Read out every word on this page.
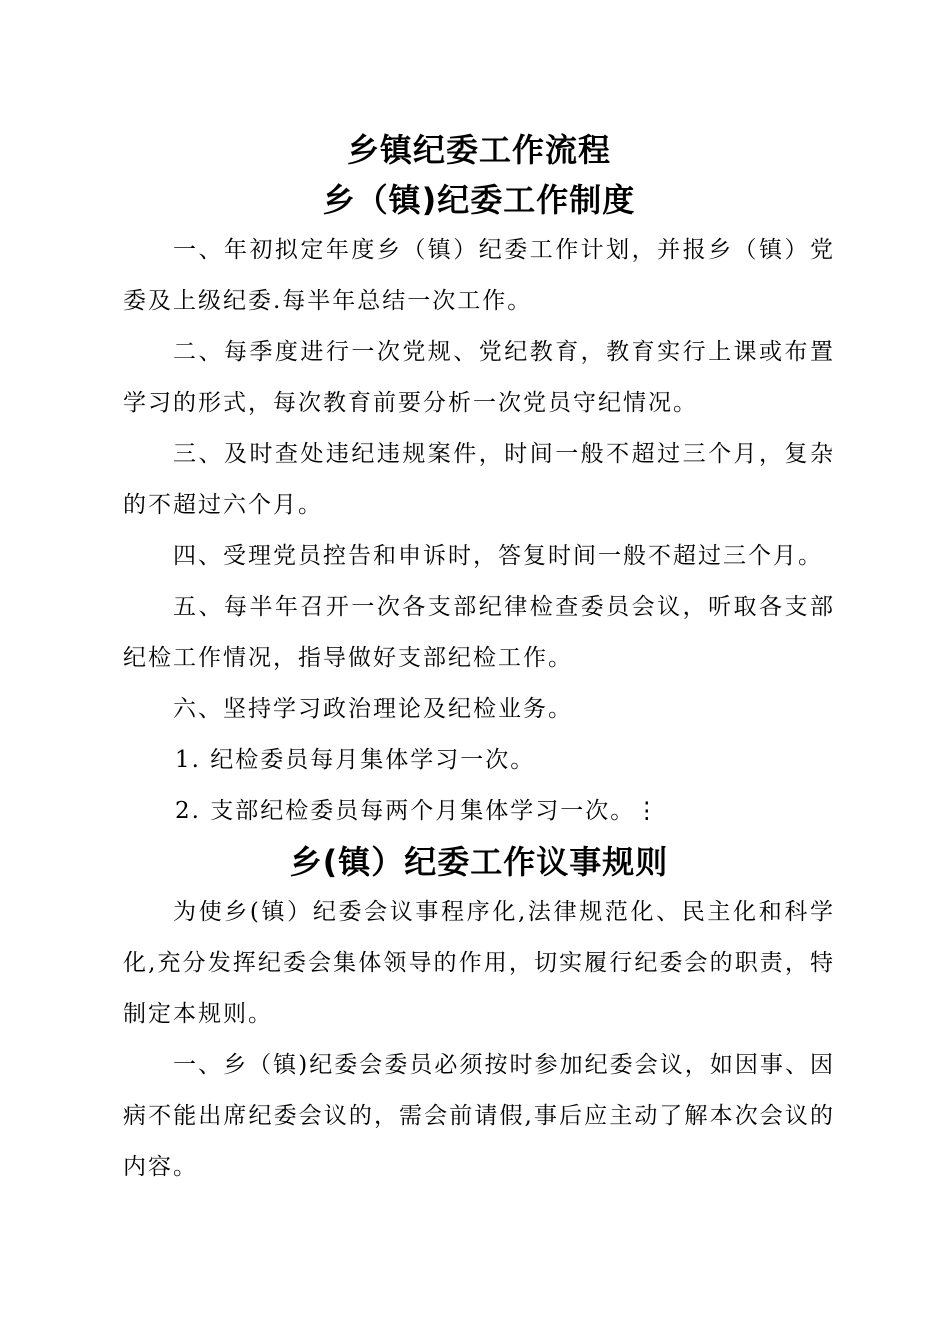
乡镇纪委工作流程
乡（镇)纪委工作制度

一、年初拟定年度乡（镇）纪委工作计划，并报乡（镇）党委及上级纪委.每半年总结一次工作。

二、每季度进行一次党规、党纪教育，教育实行上课或布置学习的形式，每次教育前要分析一次党员守纪情况。

三、及时查处违纪违规案件，时间一般不超过三个月，复杂的不超过六个月。

四、受理党员控告和申诉时，答复时间一般不超过三个月。

五、每半年召开一次各支部纪律检查委员会议，听取各支部纪检工作情况，指导做好支部纪检工作。

六、坚持学习政治理论及纪检业务。

1. 纪检委员每月集体学习一次。

2. 支部纪检委员每两个月集体学习一次。⋮

乡(镇）纪委工作议事规则

为使乡(镇）纪委会议事程序化,法律规范化、民主化和科学化,充分发挥纪委会集体领导的作用，切实履行纪委会的职责，特制定本规则。

一、乡（镇)纪委会委员必须按时参加纪委会议，如因事、因病不能出席纪委会议的，需会前请假,事后应主动了解本次会议的内容。
